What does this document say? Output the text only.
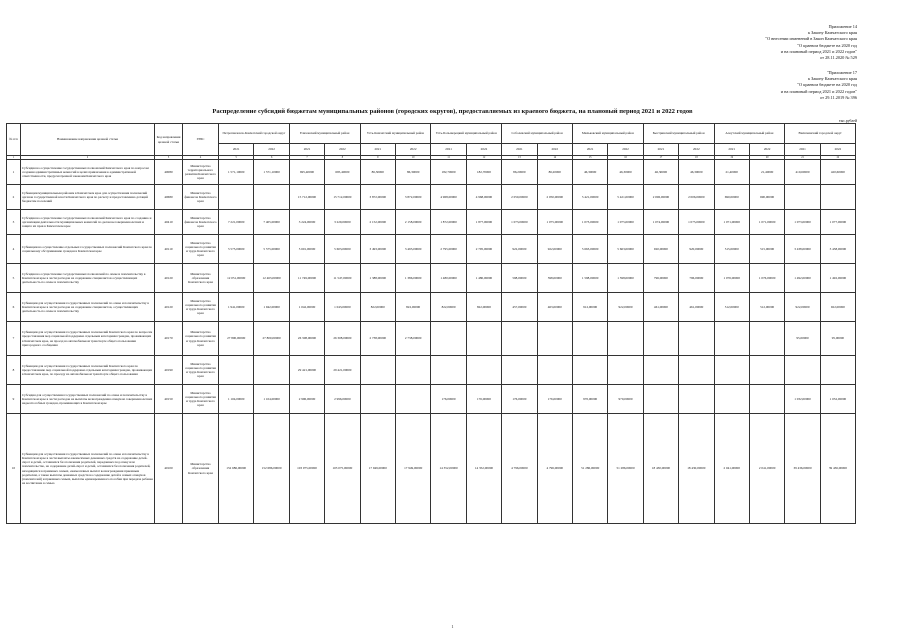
Приложение 14
к Закону Камчатского края
"О внесении изменений в Закон Камчатского края
"О краевом бюджете на 2020 год
и на плановый период 2021 и 2022 годов"
от 28.11.2020 № 529
"Приложение 17
к Закону Камчатского края
"О краевом бюджете на 2020 год
и на плановый период 2021 и 2022 годов"
от 29.11.2019 № 396
Распределение субсидий бюджетам муниципальных районов (городских округов), предоставляемых из краевого бюджета, на плановый период 2021 и 2022 годов
тыс.рублей
№ п/п	Наименование направления целевой статьи	Код направления целевой статьи	ГРБС	Петропавловск-Камчатский городской округ		Елизовский муниципальный район		Усть-Камчатский муниципальный район		Усть-Большерецкий муниципальный район		Соболевский муниципальный район		Мильковский муниципальный район		Быстринский муниципальный район		Алеутский муниципальный район		Вилючинский городской округ	
				2021	2022	2021	2022	2021	2022	2021	2022	2021	2022	2021	2022	2021	2022	2021	2022	2021	2022
1	2	3	4	5	6	7	8	9	10	11	12	13	14	15	16	17	18	19	20	21	22
1	Субсидия на осуществление государственных полномочий Камчатского края по вопросам создания административных комиссий в целях привлечения к административной ответственности, предусмотренной законами Камчатского края	40080	Министерство территориального развития Камчатского края	1 571,10000	1 571,10000	695,40000	695,40000	86,30000	86,30000	182,70000	182,70000	86,20000	86,20000	46,30000	46,30000	46,30000	46,30000	21,40000	21,40000	410,60000	420,60000
2	Субвенции муниципальным районам в Камчатском крае для осуществления полномочий органов государственной власти Камчатского края по расчету и предоставлению дотаций бюджетам поселений	40680	Министерство финансов Камчатского края			15 712,00000	15 712,00000	3 872,00000	3 872,00000	4 968,00000	4 968,00000	2 050,00000	2 050,00000	5 421,00000	5 421,00000	2 006,00000	2 006,00000	690,00000	690,00000		
3	Субсидия на осуществление государственных полномочий Камчатского края по созданию и организации деятельности муниципальных комиссий по делам несовершеннолетних и защите их прав в Камчатском крае	40410	Министерство финансов Камчатского края	7 221,00000	7 405,00000	3 224,00000	3 229,00000	2 152,00000	2 158,00000	1 872,00000	1 877,00000	1 073,00000	1 075,00000	1 073,00000	1 075,00000	1 074,00000	1 075,00000	1 071,00000	1 071,00000	1 073,00000	1 077,00000
4	Субвенции на осуществление отдельных государственных полномочий Камчатского края по социальному обслуживанию граждан в Камчатском крае	40110	Министерство социального развития и труда Камчатского края	5 575,00000	5 575,00000	5 601,00000	5 603,00000	3 493,00000	3 493,00000	2 795,00000	2 795,00000	922,00000	922,00000	5 663,00000	5 663,00000	920,00000	920,00000	515,00000	515,00000	3 438,00000	3 438,00000
5	Субсидия на осуществление государственных полномочий по опеке и попечительству в Камчатском крае в части расходов на содержание специалистов осуществляющих деятельность по опеке и попечительству	40120	Министерство образования Камчатского края	12 051,00000	12 463,00000	11 749,00000	11 547,00000	1 388,00000	1 386,00000	1 480,00000	1 480,00000	598,00000	598,00000	1 598,00000	1 598,00000	796,00000	796,00000	1 076,00000	1 076,00000	1 492,00000	1 492,00000
6	Субвенции для осуществления государственных полномочий по опеке и попечительству в Камчатском крае в части расходов на содержание специалистов, осуществляющих деятельность по опеке и попечительству	40120	Министерство социального развития и труда Камчатского края	1 941,00000	1 942,00000	1 042,00000	1 043,00000	822,00000	822,00000	822,00000	822,00000	457,00000	463,00000	912,00000	922,00000	461,00000	461,00000	512,00000	512,00000	922,00000	922,00000
7	Субвенции для осуществления государственных полномочий Камчатского края по вопросам предоставления мер социальной поддержки отдельным категориям граждан, проживающих в Камчатском крае, на проезд на автомобильном транспорте общего пользования пригородного сообщения	40170	Министерство социального развития и труда Камчатского края	27 800,00000	27 800,00000	26 308,00000	26 308,00000	2 738,00000	2 738,00000											95,00000	95,00000
8	Субвенции для осуществления государственных полномочий Камчатского края по предоставлению мер социальной поддержки отдельным категориям граждан, проживающих в Камчатском крае, по проезду на автомобильном транспорте общего пользования	40190	Министерство социального развития и труда Камчатского края			29 421,00000	29 421,00000														
9	Субсидия для осуществления государственных полномочий по опеке и попечительству в Камчатском крае в части расходов на выплаты вознаграждения опекунам совершеннолетних недееспособных граждан, проживающих в Камчатском крае	40150	Министерство социального развития и труда Камчатского края	1 104,00000	1 104,00000	2 996,00000	2 996,00000			176,00000	176,00000	176,00000	176,00000	970,00000	970,00000					1 032,00000	1 032,00000
10	Субвенции для осуществления государственных полномочий по опеке и попечительству в Камчатском крае в части выплаты ежемесячных денежных средств на содержание детей-сирот и детей, оставшихся без попечения родителей, переданных под опеку или попечительство, на содержание детей-сирот и детей, оставшихся без попечения родителей, находящихся в приемных семьях, ежемесячных выплат вознаграждения приемным родителям, а также выплаты денежных средств на содержание детей в семьях опекунов (попечителей) и приемных семьях, выплаты единовременного пособия при передаче ребенка на воспитание в семью	40100	Министерство образования Камчатского края	152 686,00000	152 686,00000	103 075,00000	103 075,00000	17 949,00000	17 949,00000	14 352,00000	14 352,00000	4 796,00000	4 796,00000	51 286,00000	51 286,00000	18 430,00000	18 430,00000	2 041,00000	2 041,00000	39 436,00000	39 436,00000
1
